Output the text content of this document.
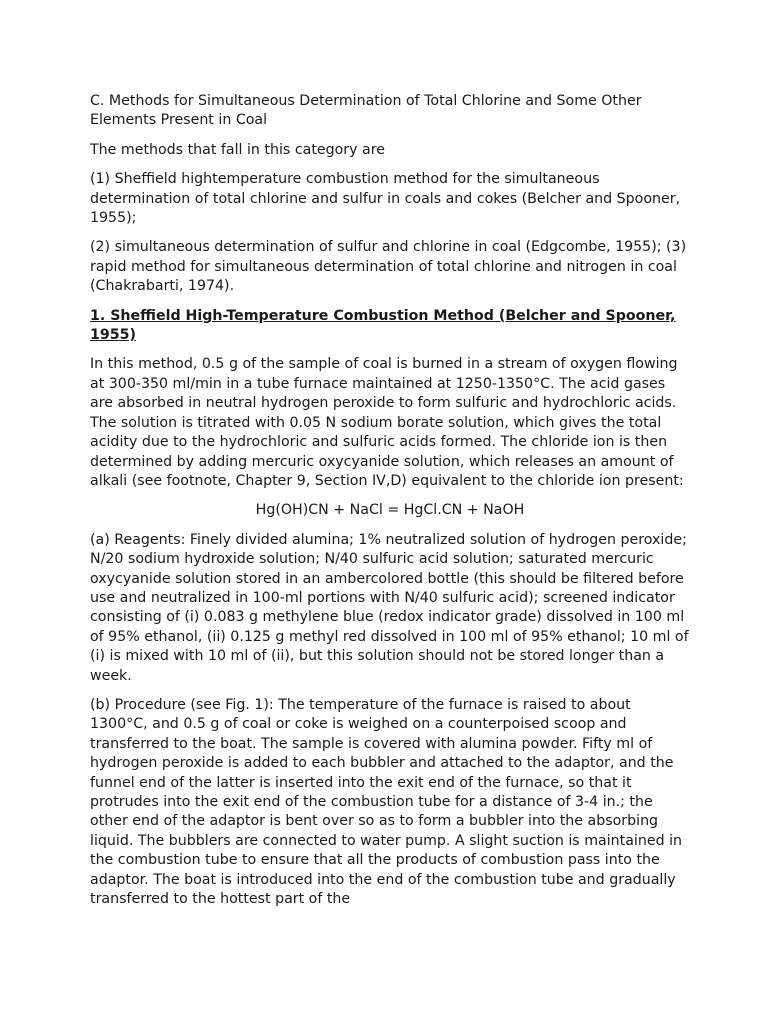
C. Methods for Simultaneous Determination of Total Chlorine and Some Other Elements Present in Coal

The methods that fall in this category are

(1) Sheffield hightemperature combustion method for the simultaneous determination of total chlorine and sulfur in coals and cokes (Belcher and Spooner, 1955);

(2) simultaneous determination of sulfur and chlorine in coal (Edgcombe, 1955); (3) rapid method for simultaneous determination of total chlorine and nitrogen in coal (Chakrabarti, 1974).

1. Sheffield High-Temperature Combustion Method (Belcher and Spooner, 1955)

In this method, 0.5 g of the sample of coal is burned in a stream of oxygen flowing at 300-350 ml/min in a tube furnace maintained at 1250-1350°C. The acid gases are absorbed in neutral hydrogen peroxide to form sulfuric and hydrochloric acids. The solution is titrated with 0.05 N sodium borate solution, which gives the total acidity due to the hydrochloric and sulfuric acids formed. The chloride ion is then determined by adding mercuric oxycyanide solution, which releases an amount of alkali (see footnote, Chapter 9, Section IV,D) equivalent to the chloride ion present:

Hg(OH)CN + NaCl = HgCl.CN + NaOH

(a) Reagents: Finely divided alumina; 1% neutralized solution of hydrogen peroxide; N/20 sodium hydroxide solution; N/40 sulfuric acid solution; saturated mercuric oxycyanide solution stored in an ambercolored bottle (this should be filtered before use and neutralized in 100-ml portions with N/40 sulfuric acid); screened indicator consisting of (i) 0.083 g methylene blue (redox indicator grade) dissolved in 100 ml of 95% ethanol, (ii) 0.125 g methyl red dissolved in 100 ml of 95% ethanol; 10 ml of (i) is mixed with 10 ml of (ii), but this solution should not be stored longer than a week.

(b) Procedure (see Fig. 1): The temperature of the furnace is raised to about 1300°C, and 0.5 g of coal or coke is weighed on a counterpoised scoop and transferred to the boat. The sample is covered with alumina powder. Fifty ml of hydrogen peroxide is added to each bubbler and attached to the adaptor, and the funnel end of the latter is inserted into the exit end of the furnace, so that it protrudes into the exit end of the combustion tube for a distance of 3-4 in.; the other end of the adaptor is bent over so as to form a bubbler into the absorbing liquid. The bubblers are connected to water pump. A slight suction is maintained in the combustion tube to ensure that all the products of combustion pass into the adaptor. The boat is introduced into the end of the combustion tube and gradually transferred to the hottest part of the
